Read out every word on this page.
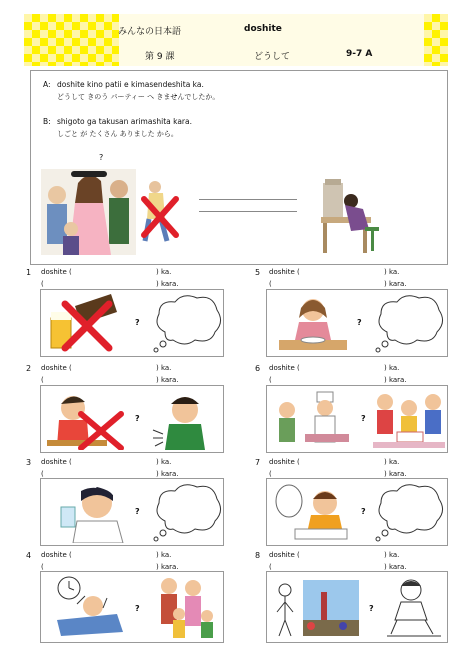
みんなの日本語	doshite
第 9 課	どうして	9-7 A
A: doshite kino patii e kimasendeshita ka.
どうして きのう パーティー へ きませんでしたか。
B: shigoto ga takusan arimashita kara.
しごと が たくさん ありました から。
?
1 doshite (	) ka.
(	) kara.
?
2 doshite (	) ka.
(	) kara.
?
3 doshite (	) ka.
(	) kara.
?
4 doshite (	) ka.
(	) kara.
?
5 doshite (	) ka.
(	) kara.
?
6 doshite (	) ka.
(	) kara.
?
7 doshite (	) ka.
(	) kara.
?
8 doshite (	) ka.
(	) kara.
?
